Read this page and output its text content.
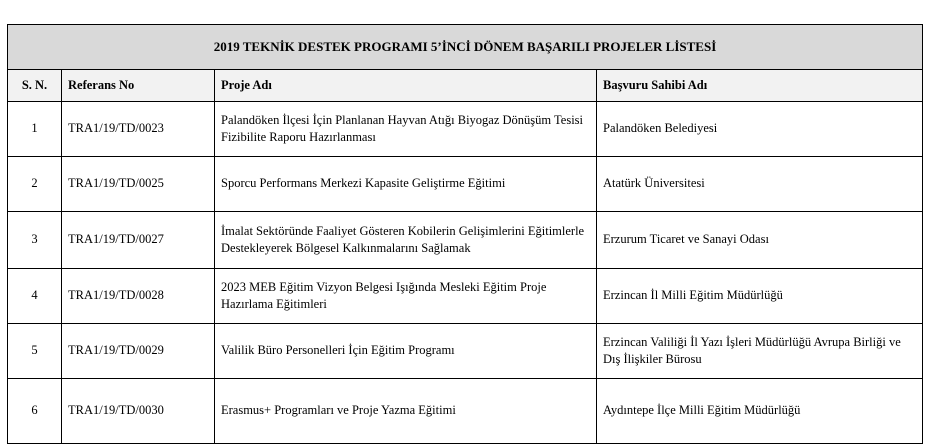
2019 TEKNİK DESTEK PROGRAMI 5’İNCİ DÖNEM BAŞARILI PROJELER LİSTESİ			
S. N.	Referans No	Proje Adı	Başvuru Sahibi Adı
1	TRA1/19/TD/0023	Palandöken İlçesi İçin Planlanan Hayvan Atığı Biyogaz Dönüşüm Tesisi Fizibilite Raporu Hazırlanması	Palandöken Belediyesi
2	TRA1/19/TD/0025	Sporcu Performans Merkezi Kapasite Geliştirme Eğitimi	Atatürk Üniversitesi
3	TRA1/19/TD/0027	İmalat Sektöründe Faaliyet Gösteren Kobilerin Gelişimlerini Eğitimlerle Destekleyerek Bölgesel Kalkınmalarını Sağlamak	Erzurum Ticaret ve Sanayi Odası
4	TRA1/19/TD/0028	2023 MEB Eğitim Vizyon Belgesi Işığında Mesleki Eğitim Proje Hazırlama Eğitimleri	Erzincan İl Milli Eğitim Müdürlüğü
5	TRA1/19/TD/0029	Valilik Büro Personelleri İçin Eğitim Programı	Erzincan Valiliği İl Yazı İşleri Müdürlüğü Avrupa Birliği ve Dış İlişkiler Bürosu
6	TRA1/19/TD/0030	Erasmus+ Programları ve Proje Yazma Eğitimi	Aydıntepe İlçe Milli Eğitim Müdürlüğü
